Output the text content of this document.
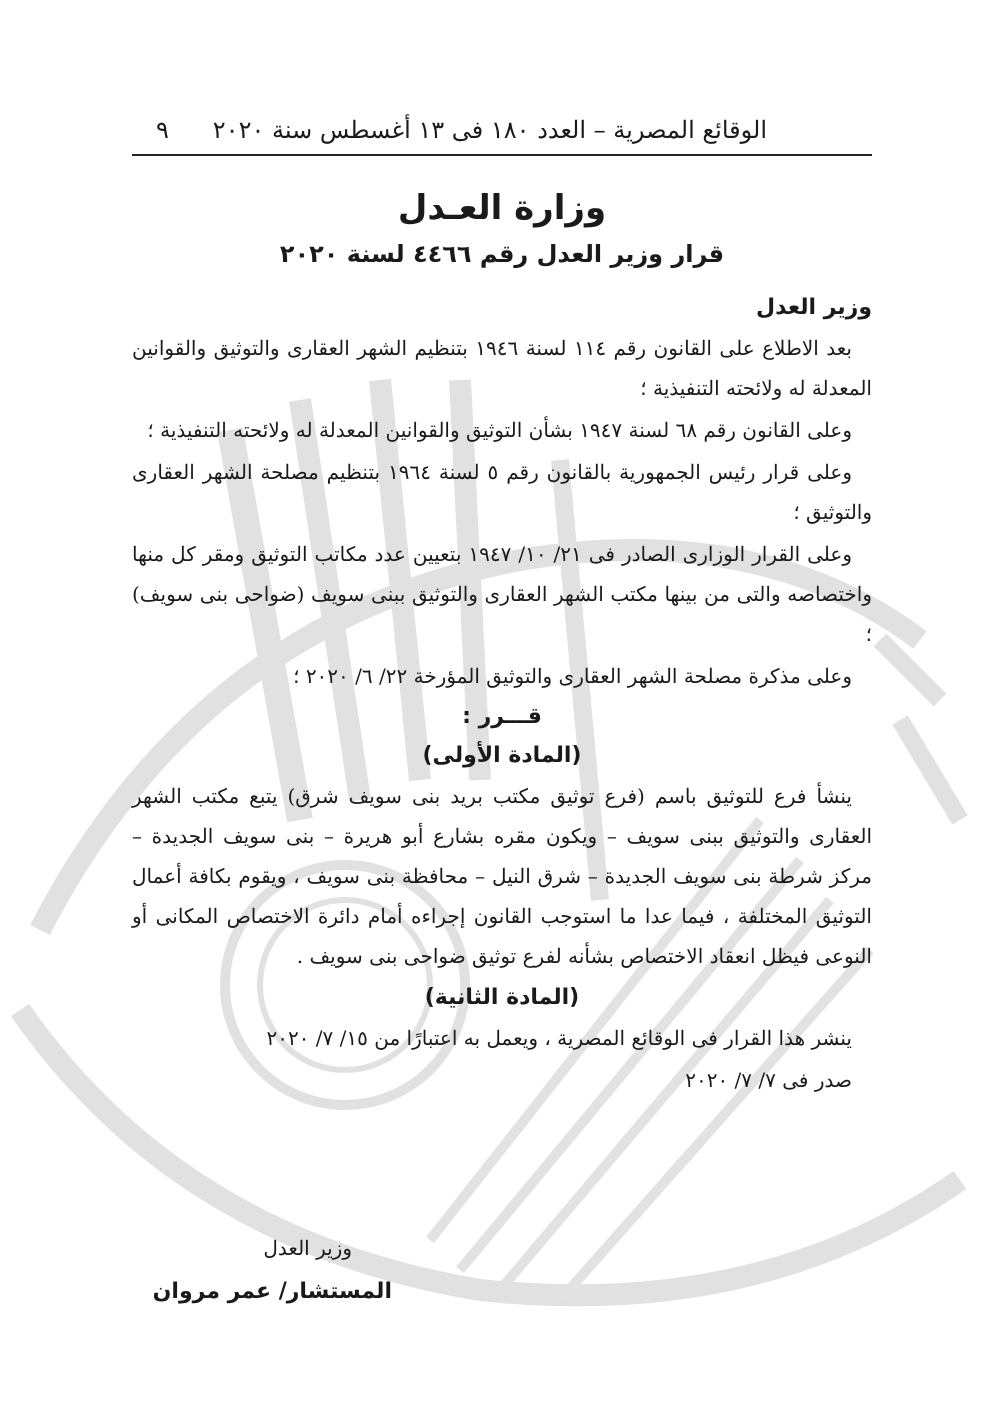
الوقائع المصرية – العدد ١٨٠ فى ١٣ أغسطس سنة ٢٠٢٠
٩
وزارة العـدل
قرار وزير العدل رقم ٤٤٦٦ لسنة ٢٠٢٠

وزير العدل

بعد الاطلاع على القانون رقم ١١٤ لسنة ١٩٤٦ بتنظيم الشهر العقارى والتوثيق والقوانين المعدلة له ولائحته التنفيذية ؛

وعلى القانون رقم ٦٨ لسنة ١٩٤٧ بشأن التوثيق والقوانين المعدلة له ولائحته التنفيذية ؛

وعلى قرار رئيس الجمهورية بالقانون رقم ٥ لسنة ١٩٦٤ بتنظيم مصلحة الشهر العقارى والتوثيق ؛

وعلى القرار الوزارى الصادر فى ٢١/ ١٠/ ١٩٤٧ بتعيين عدد مكاتب التوثيق ومقر كل منها واختصاصه والتى من بينها مكتب الشهر العقارى والتوثيق ببنى سويف (ضواحى بنى سويف) ؛

وعلى مذكرة مصلحة الشهر العقارى والتوثيق المؤرخة ٢٢/ ٦/ ٢٠٢٠ ؛

قـــرر :

(المادة الأولى)

ينشأ فرع للتوثيق باسم (فرع توثيق مكتب بريد بنى سويف شرق) يتبع مكتب الشهر العقارى والتوثيق ببنى سويف – ويكون مقره بشارع أبو هريرة – بنى سويف الجديدة – مركز شرطة بنى سويف الجديدة – شرق النيل – محافظة بنى سويف ، ويقوم بكافة أعمال التوثيق المختلفة ، فيما عدا ما استوجب القانون إجراءه أمام دائرة الاختصاص المكانى أو النوعى فيظل انعقاد الاختصاص بشأنه لفرع توثيق ضواحى بنى سويف .

(المادة الثانية)

ينشر هذا القرار فى الوقائع المصرية ، ويعمل به اعتبارًا من ١٥/ ٧/ ٢٠٢٠

صدر فى ٧/ ٧/ ٢٠٢٠

وزير العدل
المستشار/ عمر مروان
